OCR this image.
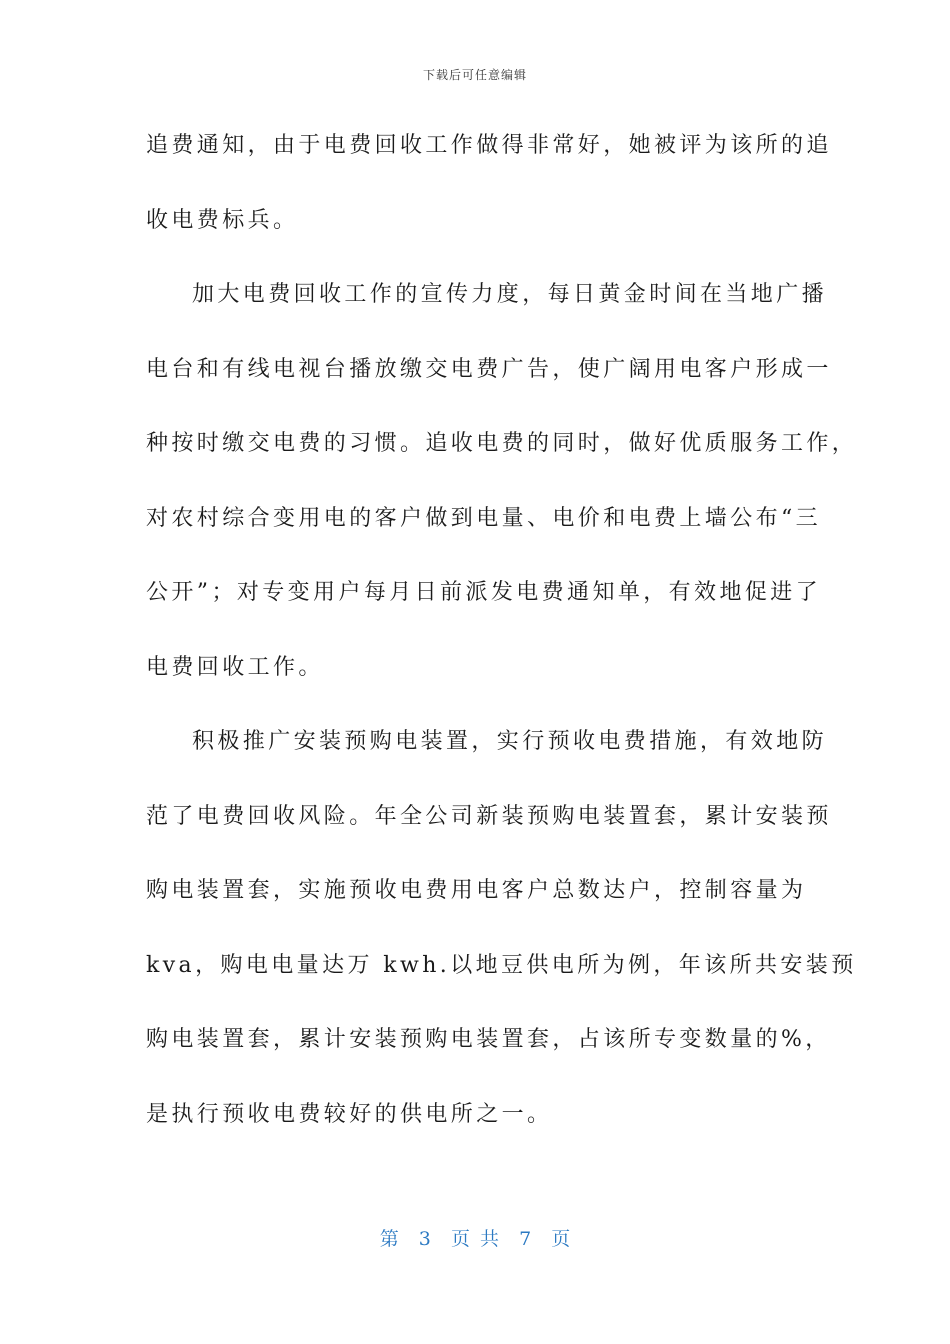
下载后可任意编辑
追费通知，由于电费回收工作做得非常好，她被评为该所的追
收电费标兵。
加大电费回收工作的宣传力度，每日黄金时间在当地广播
电台和有线电视台播放缴交电费广告，使广阔用电客户形成一
种按时缴交电费的习惯。追收电费的同时，做好优质服务工作，
对农村综合变用电的客户做到电量、电价和电费上墙公布“三
公开”；对专变用户每月日前派发电费通知单，有效地促进了
电费回收工作。
积极推广安装预购电装置，实行预收电费措施，有效地防
范了电费回收风险。年全公司新装预购电装置套，累计安装预
购电装置套，实施预收电费用电客户总数达户，控制容量为
kva，购电电量达万 kwh.以地豆供电所为例，年该所共安装预
购电装置套，累计安装预购电装置套，占该所专变数量的%，
是执行预收电费较好的供电所之一。
第  3  页 共  7  页
